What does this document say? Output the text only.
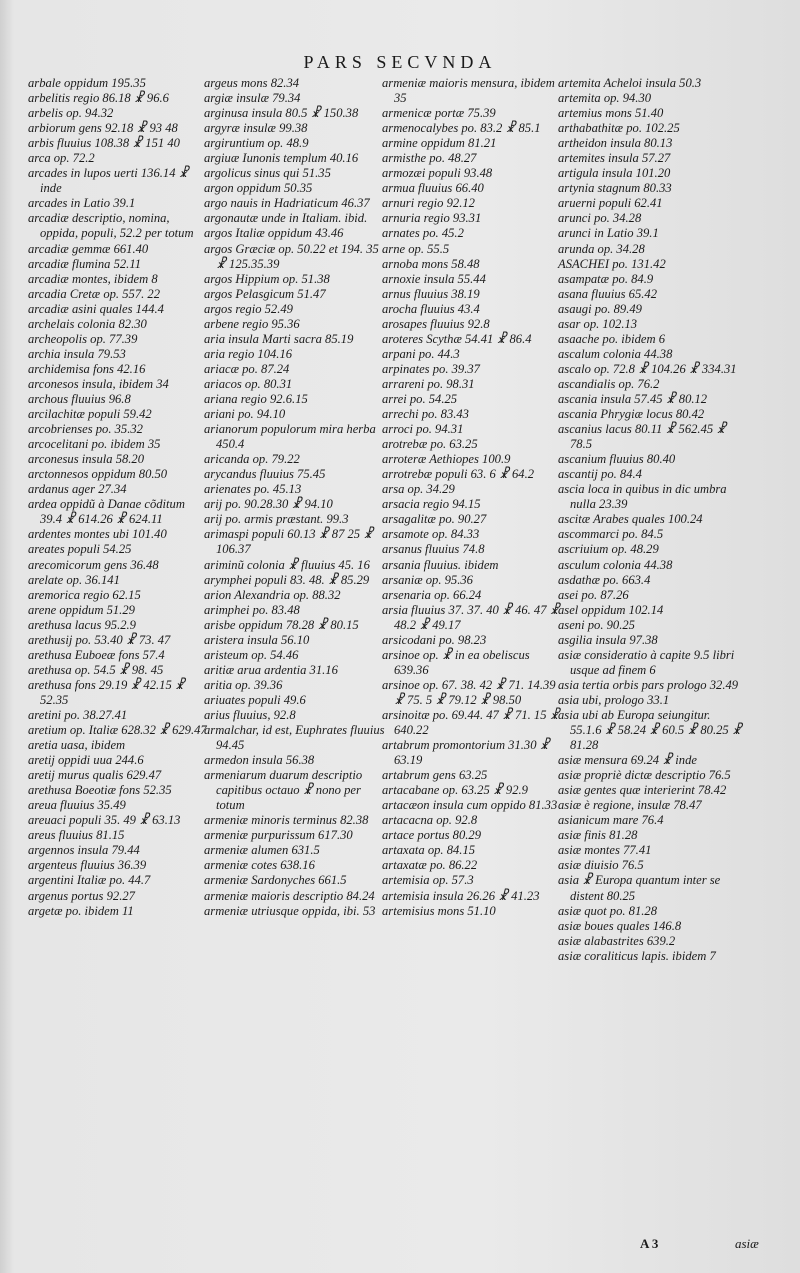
PARS SECVNDA

arbale oppidum 195.35

arbelitis regio 86.18 ☧ 96.6

arbelis op. 94.32

arbiorum gens 92.18 ☧ 93 48

arbis fluuius 108.38 ☧ 151 40

arca op. 72.2

arcades in lupos uerti 136.14 ☧ inde

arcades in Latio 39.1

arcadiæ descriptio, nomina, oppida, populi, 52.2 per totum

arcadiæ gemmæ 661.40

arcadiæ flumina 52.11

arcadiæ montes, ibidem 8

arcadia Cretæ op. 557. 22

arcadiæ asini quales 144.4

archelais colonia 82.30

archeopolis op. 77.39

archia insula 79.53

archidemisa fons 42.16

arconesos insula, ibidem 34

archous fluuius 96.8

arcilachitæ populi 59.42

arcobrienses po. 35.32

arcocelitani po. ibidem 35

arconesus insula 58.20

arctonnesos oppidum 80.50

ardanus ager 27.34

ardea oppidũ à Danae cõditum 39.4 ☧ 614.26 ☧ 624.11

ardentes montes ubi 101.40

areates populi 54.25

arecomicorum gens 36.48

arelate op. 36.141

aremorica regio 62.15

arene oppidum 51.29

arethusa lacus 95.2.9

arethusij po. 53.40 ☧ 73. 47

arethusa Euboeæ fons 57.4

arethusa op. 54.5 ☧ 98. 45

arethusa fons 29.19 ☧ 42.15 ☧ 52.35

aretini po. 38.27.41

aretium op. Italiæ 628.32 ☧ 629.47

aretia uasa, ibidem

aretij oppidi uua 244.6

aretij murus qualis 629.47

arethusa Boeotiæ fons 52.35

areua fluuius 35.49

areuaci populi 35. 49 ☧ 63.13

areus fluuius 81.15

argennos insula 79.44

argenteus fluuius 36.39

argentini Italiæ po. 44.7

argenus portus 92.27

argetæ po. ibidem 11

argeus mons 82.34

argiæ insulæ 79.34

arginusa insula 80.5 ☧ 150.38

argyræ insulæ 99.38

argiruntium op. 48.9

argiuæ Iunonis templum 40.16

argolicus sinus qui 51.35

argon oppidum 50.35

argo nauis in Hadriaticum 46.37

argonautæ unde in Italiam. ibid.

argos Italiæ oppidum 43.46

argos Græciæ op. 50.22 et 194. 35 ☧ 125.35.39

argos Hippium op. 51.38

argos Pelasgicum 51.47

argos regio 52.49

arbene regio 95.36

aria insula Marti sacra 85.19

aria regio 104.16

ariacæ po. 87.24

ariacos op. 80.31

ariana regio 92.6.15

ariani po. 94.10

arianorum populorum mira herba 450.4

aricanda op. 79.22

arycandus fluuius 75.45

arienates po. 45.13

arij po. 90.28.30 ☧ 94.10

arij po. armis præstant. 99.3

arimaspi populi 60.13 ☧ 87 25 ☧ 106.37

ariminũ colonia ☧ fluuius 45. 16

arymphei populi 83. 48. ☧ 85.29

arion Alexandria op. 88.32

arimphei po. 83.48

arisbe oppidum 78.28 ☧ 80.15

aristera insula 56.10

aristeum op. 54.46

aritiæ arua ardentia 31.16

aritia op. 39.36

ariuates populi 49.6

arius fluuius, 92.8

armalchar, id est, Euphrates fluuius 94.45

armedon insula 56.38

armeniarum duarum descriptio capitibus octauo ☧ nono per totum

armeniæ minoris terminus 82.38

armeniæ purpurissum 617.30

armeniæ alumen 631.5

armeniæ cotes 638.16

armeniæ Sardonyches 661.5

armeniæ maioris descriptio 84.24

armeniæ utriusque oppida, ibi. 53

armeniæ maioris mensura, ibidem 35

armenicæ portæ 75.39

armenocalybes po. 83.2 ☧ 85.1

armine oppidum 81.21

armisthe po. 48.27

armozæi populi 93.48

armua fluuius 66.40

arnuri regio 92.12

arnuria regio 93.31

arnates po. 45.2

arne op. 55.5

arnoba mons 58.48

arnoxie insula 55.44

arnus fluuius 38.19

arocha fluuius 43.4

arosapes fluuius 92.8

aroteres Scythæ 54.41 ☧ 86.4

arpani po. 44.3

arpinates po. 39.37

arrareni po. 98.31

arrei po. 54.25

arrechi po. 83.43

arroci po. 94.31

arotrebæ po. 63.25

arroteræ Aethiopes 100.9

arrotrebæ populi 63. 6 ☧ 64.2

arsa op. 34.29

arsacia regio 94.15

arsagalitæ po. 90.27

arsamote op. 84.33

arsanus fluuius 74.8

arsania fluuius. ibidem

arsaniæ op. 95.36

arsenaria op. 66.24

arsia fluuius 37. 37. 40 ☧ 46. 47 ☧ 48.2 ☧ 49.17

arsicodani po. 98.23

arsinoe op. ☧ in ea obeliscus 639.36

arsinoe op. 67. 38. 42 ☧ 71. 14.39 ☧ 75. 5 ☧ 79.12 ☧ 98.50

arsinoitæ po. 69.44. 47 ☧ 71. 15 ☧ 640.22

artabrum promontorium 31.30 ☧ 63.19

artabrum gens 63.25

artacabane op. 63.25 ☧ 92.9

artacæon insula cum oppido 81.33

artacacna op. 92.8

artace portus 80.29

artaxata op. 84.15

artaxatæ po. 86.22

artemisia op. 57.3

artemisia insula 26.26 ☧ 41.23

artemisius mons 51.10

artemita Acheloi insula 50.3

artemita op. 94.30

artemius mons 51.40

arthabathitæ po. 102.25

artheidon insula 80.13

artemites insula 57.27

artigula insula 101.20

artynia stagnum 80.33

aruerni populi 62.41

arunci po. 34.28

arunci in Latio 39.1

arunda op. 34.28

ASACHEI po. 131.42

asampatæ po. 84.9

asana fluuius 65.42

asaugi po. 89.49

asar op. 102.13

asaache po. ibidem 6

ascalum colonia 44.38

ascalo op. 72.8 ☧ 104.26 ☧ 334.31

ascandialis op. 76.2

ascania insula 57.45 ☧ 80.12

ascania Phrygiæ locus 80.42

ascanius lacus 80.11 ☧ 562.45 ☧ 78.5

ascanium fluuius 80.40

ascantij po. 84.4

ascia loca in quibus in dic umbra nulla 23.39

ascitæ Arabes quales 100.24

ascommarci po. 84.5

ascriuium op. 48.29

asculum colonia 44.38

asdathæ po. 663.4

asei po. 87.26

asel oppidum 102.14

aseni po. 90.25

asgilia insula 97.38

asiæ consideratio à capite 9.5 libri usque ad finem 6

asia tertia orbis pars prologo 32.49

asia ubi, prologo 33.1

asia ubi ab Europa seiungitur. 55.1.6 ☧ 58.24 ☧ 60.5 ☧ 80.25 ☧ 81.28

asiæ mensura 69.24 ☧ inde

asiæ propriè dictæ descriptio 76.5

asiæ gentes quæ interierint 78.42

asiæ è regione, insulæ 78.47

asianicum mare 76.4

asiæ finis 81.28

asiæ montes 77.41

asiæ diuisio 76.5

asia ☧ Europa quantum inter se distent 80.25

asiæ quot po. 81.28

asiæ boues quales 146.8

asiæ alabastrites 639.2

asiæ coraliticus lapis. ibidem 7

A 3	asiæ
